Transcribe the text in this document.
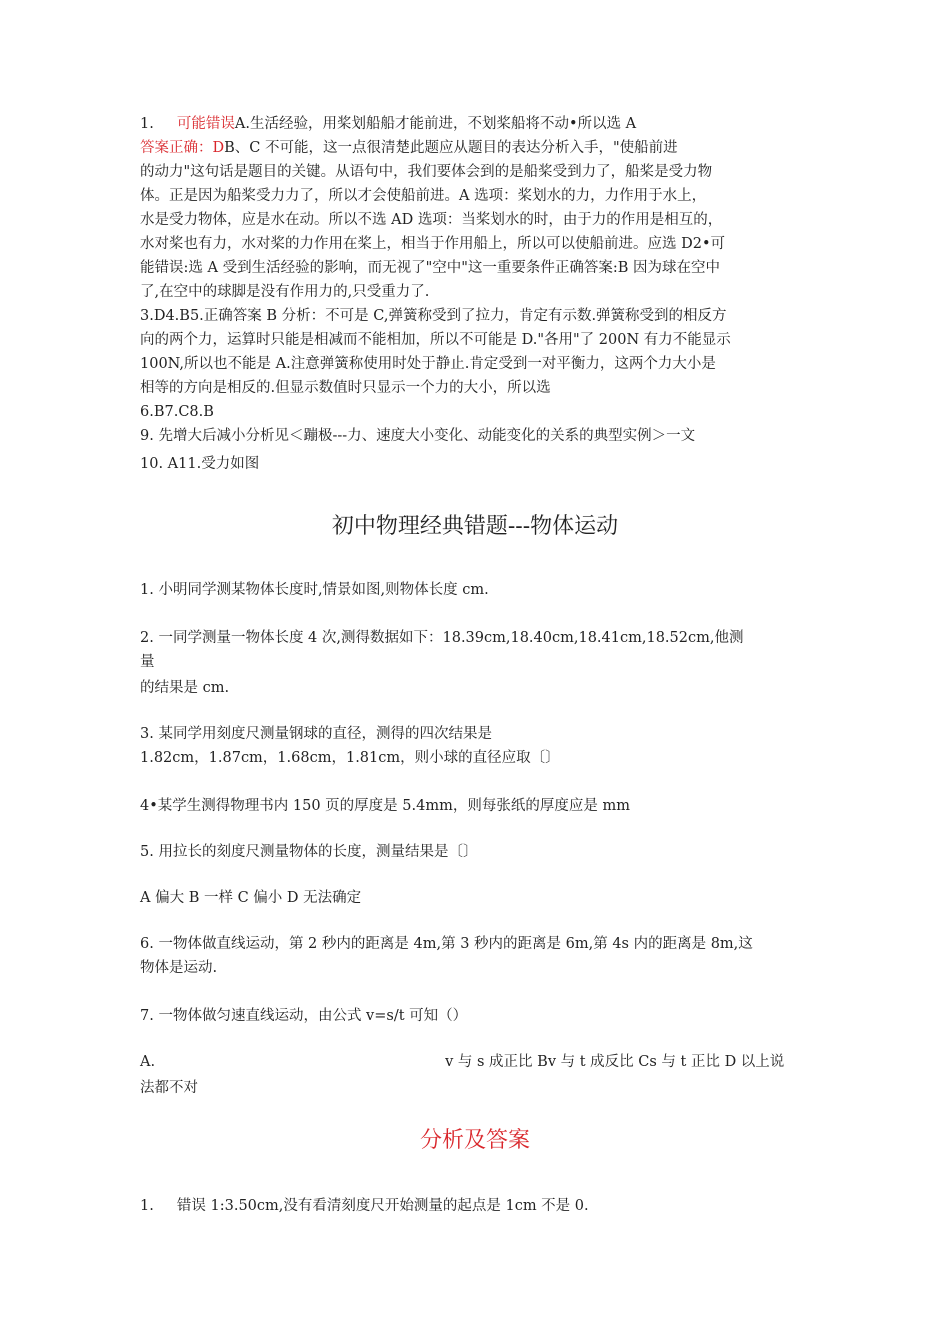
1. 可能错误A.生活经验，用桨划船船才能前进，不划桨船将不动•所以选 A
答案正确：DB、C 不可能，这一点很清楚此题应从题目的表达分析入手，"使船前进
的动力"这句话是题目的关键。从语句中，我们要体会到的是船桨受到力了，船桨是受力物
体。正是因为船桨受力力了，所以才会使船前进。A 选项：桨划水的力，力作用于水上，
水是受力物体，应是水在动。所以不选 AD 选项：当桨划水的时，由于力的作用是相互的，
水对桨也有力，水对桨的力作用在桨上，相当于作用船上，所以可以使船前进。应选 D2•可
能错误:选 A 受到生活经验的影响，而无视了"空中"这一重要条件正确答案:B 因为球在空中
了,在空中的球脚是没有作用力的,只受重力了.
3.D4.B5.正确答案 B 分析：不可是 C,弹簧称受到了拉力，肯定有示数.弹簧称受到的相反方
向的两个力，运算时只能是相减而不能相加，所以不可能是 D."各用"了 200N 有力不能显示
100N,所以也不能是 A.注意弹簧称使用时处于静止.肯定受到一对平衡力，这两个力大小是
相等的方向是相反的.但显示数值时只显示一个力的大小，所以选
6.B7.C8.B
9. 先增大后减小分析见＜蹦极---力、速度大小变化、动能变化的关系的典型实例＞一文
10. A11.受力如图
初中物理经典错题---物体运动
1. 小明同学测某物体长度时,情景如图,则物体长度 cm.
2. 一同学测量一物体长度 4 次,测得数据如下：18.39cm,18.40cm,18.41cm,18.52cm,他测
量
的结果是 cm.
3. 某同学用刻度尺测量钢球的直径，测得的四次结果是
1.82cm，1.87cm，1.68cm，1.81cm，则小球的直径应取〔〕
4•某学生测得物理书内 150 页的厚度是 5.4mm，则每张纸的厚度应是 mm
5. 用拉长的刻度尺测量物体的长度，测量结果是〔〕
A 偏大 B 一样 C 偏小 D 无法确定
6. 一物体做直线运动，第 2 秒内的距离是 4m,第 3 秒内的距离是 6m,第 4s 内的距离是 8m,这
物体是运动.
7. 一物体做匀速直线运动，由公式 v=s/t 可知（）
A.	v 与 s 成正比 Bv 与 t 成反比 Cs 与 t 正比 D 以上说
法都不对
分析及答案
1. 错误 1:3.50cm,没有看清刻度尺开始测量的起点是 1cm 不是 0.
